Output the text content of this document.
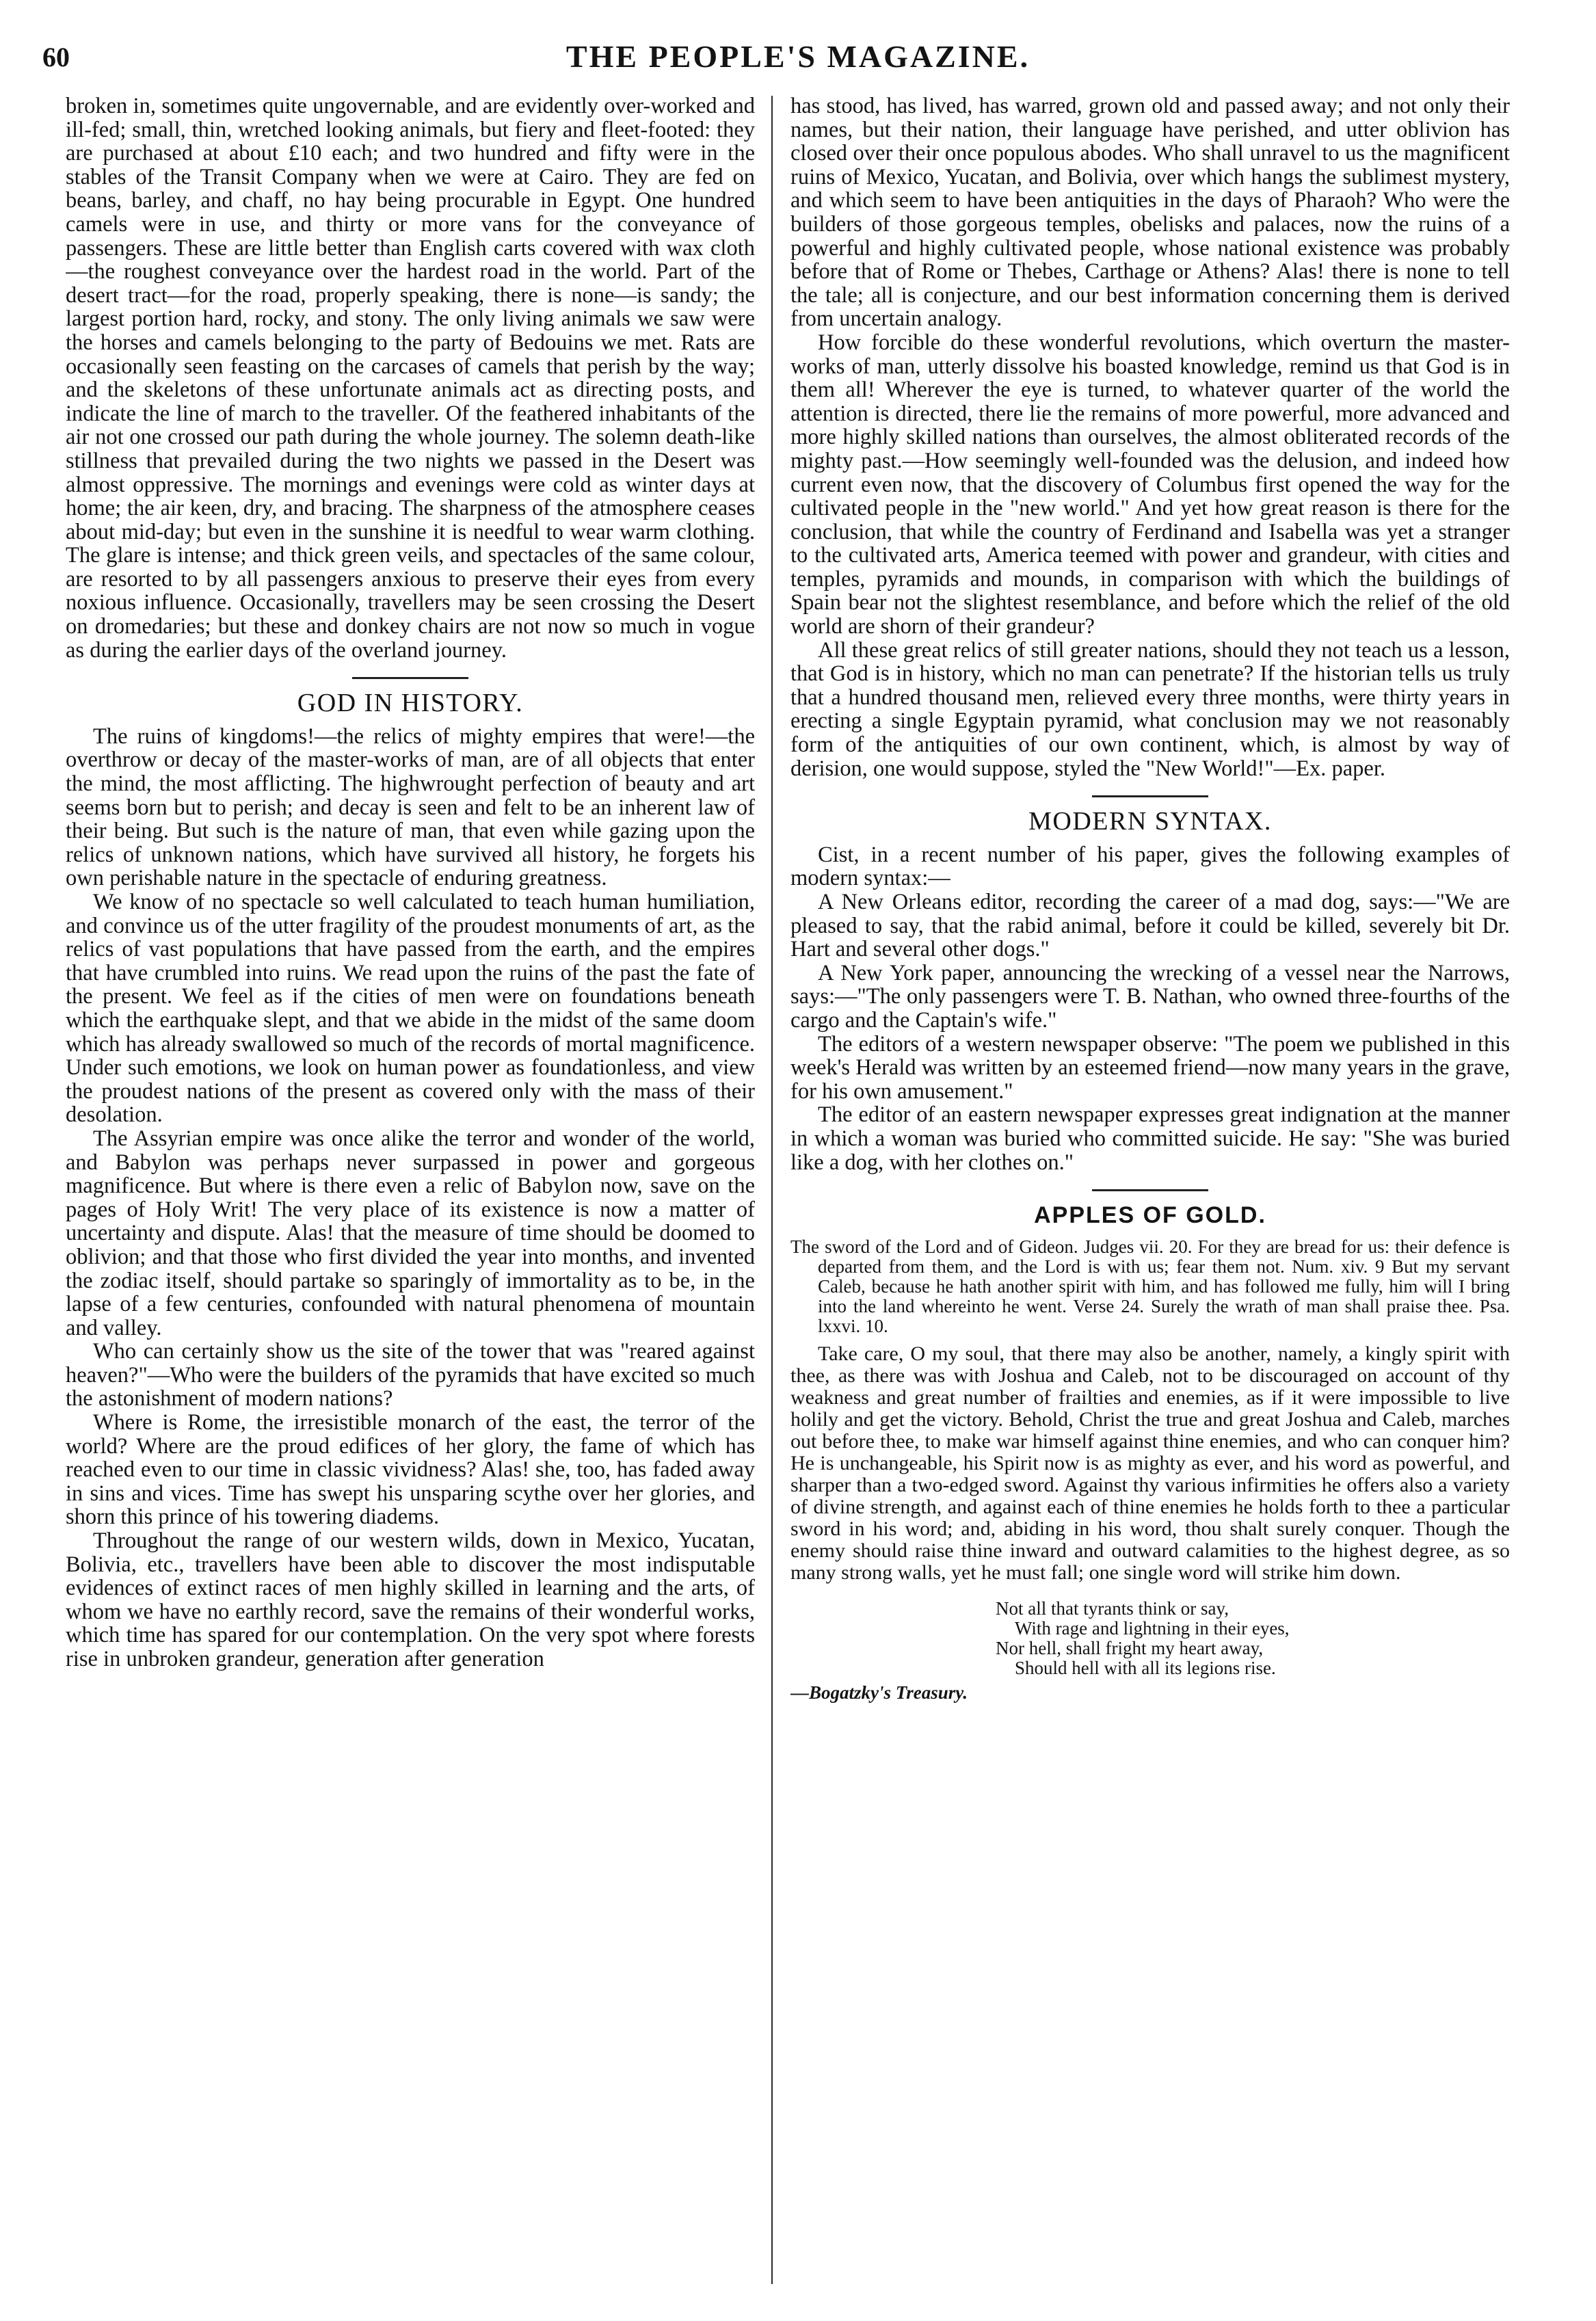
60	THE PEOPLE'S MAGAZINE.

broken in, sometimes quite ungovernable, and are evidently over-worked and ill-fed; small, thin, wretched looking animals, but fiery and fleet-footed: they are purchased at about £10 each; and two hundred and fifty were in the stables of the Transit Company when we were at Cairo. They are fed on beans, barley, and chaff, no hay being procurable in Egypt. One hundred camels were in use, and thirty or more vans for the conveyance of passengers. These are little better than English carts covered with wax cloth—the roughest conveyance over the hardest road in the world. Part of the desert tract—for the road, properly speaking, there is none—is sandy; the largest portion hard, rocky, and stony. The only living animals we saw were the horses and camels belonging to the party of Bedouins we met. Rats are occasionally seen feasting on the carcases of camels that perish by the way; and the skeletons of these unfortunate animals act as directing posts, and indicate the line of march to the traveller. Of the feathered inhabitants of the air not one crossed our path during the whole journey. The solemn death-like stillness that prevailed during the two nights we passed in the Desert was almost oppressive. The mornings and evenings were cold as winter days at home; the air keen, dry, and bracing. The sharpness of the atmosphere ceases about mid-day; but even in the sunshine it is needful to wear warm clothing. The glare is intense; and thick green veils, and spectacles of the same colour, are resorted to by all passengers anxious to preserve their eyes from every noxious influence. Occasionally, travellers may be seen crossing the Desert on dromedaries; but these and donkey chairs are not now so much in vogue as during the earlier days of the overland journey.

GOD IN HISTORY.

The ruins of kingdoms!—the relics of mighty empires that were!—the overthrow or decay of the master-works of man, are of all objects that enter the mind, the most afflicting. The highwrought perfection of beauty and art seems born but to perish; and decay is seen and felt to be an inherent law of their being. But such is the nature of man, that even while gazing upon the relics of unknown nations, which have survived all history, he forgets his own perishable nature in the spectacle of enduring greatness.

We know of no spectacle so well calculated to teach human humiliation, and convince us of the utter fragility of the proudest monuments of art, as the relics of vast populations that have passed from the earth, and the empires that have crumbled into ruins. We read upon the ruins of the past the fate of the present. We feel as if the cities of men were on foundations beneath which the earthquake slept, and that we abide in the midst of the same doom which has already swallowed so much of the records of mortal magnificence. Under such emotions, we look on human power as foundationless, and view the proudest nations of the present as covered only with the mass of their desolation.

The Assyrian empire was once alike the terror and wonder of the world, and Babylon was perhaps never surpassed in power and gorgeous magnificence. But where is there even a relic of Babylon now, save on the pages of Holy Writ! The very place of its existence is now a matter of uncertainty and dispute. Alas! that the measure of time should be doomed to oblivion; and that those who first divided the year into months, and invented the zodiac itself, should partake so sparingly of immortality as to be, in the lapse of a few centuries, confounded with natural phenomena of mountain and valley.

Who can certainly show us the site of the tower that was "reared against heaven?"—Who were the builders of the pyramids that have excited so much the astonishment of modern nations?

Where is Rome, the irresistible monarch of the east, the terror of the world? Where are the proud edifices of her glory, the fame of which has reached even to our time in classic vividness? Alas! she, too, has faded away in sins and vices. Time has swept his unsparing scythe over her glories, and shorn this prince of his towering diadems.

Throughout the range of our western wilds, down in Mexico, Yucatan, Bolivia, etc., travellers have been able to discover the most indisputable evidences of extinct races of men highly skilled in learning and the arts, of whom we have no earthly record, save the remains of their wonderful works, which time has spared for our contemplation. On the very spot where forests rise in unbroken grandeur, generation after generation

has stood, has lived, has warred, grown old and passed away; and not only their names, but their nation, their language have perished, and utter oblivion has closed over their once populous abodes. Who shall unravel to us the magnificent ruins of Mexico, Yucatan, and Bolivia, over which hangs the sublimest mystery, and which seem to have been antiquities in the days of Pharaoh? Who were the builders of those gorgeous temples, obelisks and palaces, now the ruins of a powerful and highly cultivated people, whose national existence was probably before that of Rome or Thebes, Carthage or Athens? Alas! there is none to tell the tale; all is conjecture, and our best information concerning them is derived from uncertain analogy.

How forcible do these wonderful revolutions, which overturn the master-works of man, utterly dissolve his boasted knowledge, remind us that God is in them all! Wherever the eye is turned, to whatever quarter of the world the attention is directed, there lie the remains of more powerful, more advanced and more highly skilled nations than ourselves, the almost obliterated records of the mighty past.—How seemingly well-founded was the delusion, and indeed how current even now, that the discovery of Columbus first opened the way for the cultivated people in the "new world." And yet how great reason is there for the conclusion, that while the country of Ferdinand and Isabella was yet a stranger to the cultivated arts, America teemed with power and grandeur, with cities and temples, pyramids and mounds, in comparison with which the buildings of Spain bear not the slightest resemblance, and before which the relief of the old world are shorn of their grandeur?

All these great relics of still greater nations, should they not teach us a lesson, that God is in history, which no man can penetrate? If the historian tells us truly that a hundred thousand men, relieved every three months, were thirty years in erecting a single Egyptain pyramid, what conclusion may we not reasonably form of the antiquities of our own continent, which, is almost by way of derision, one would suppose, styled the "New World!"—Ex. paper.

MODERN SYNTAX.

Cist, in a recent number of his paper, gives the following examples of modern syntax:—

A New Orleans editor, recording the career of a mad dog, says:—"We are pleased to say, that the rabid animal, before it could be killed, severely bit Dr. Hart and several other dogs."

A New York paper, announcing the wrecking of a vessel near the Narrows, says:—"The only passengers were T. B. Nathan, who owned three-fourths of the cargo and the Captain's wife."

The editors of a western newspaper observe: "The poem we published in this week's Herald was written by an esteemed friend—now many years in the grave, for his own amusement."

The editor of an eastern newspaper expresses great indignation at the manner in which a woman was buried who committed suicide. He say: "She was buried like a dog, with her clothes on."

APPLES OF GOLD.
The sword of the Lord and of Gideon. Judges vii. 20. For they are bread for us: their defence is departed from them, and the Lord is with us; fear them not. Num. xiv. 9 But my servant Caleb, because he hath another spirit with him, and has followed me fully, him will I bring into the land whereinto he went. Verse 24. Surely the wrath of man shall praise thee. Psa. lxxvi. 10.

Take care, O my soul, that there may also be another, namely, a kingly spirit with thee, as there was with Joshua and Caleb, not to be discouraged on account of thy weakness and great number of frailties and enemies, as if it were impossible to live holily and get the victory. Behold, Christ the true and great Joshua and Caleb, marches out before thee, to make war himself against thine enemies, and who can conquer him? He is unchangeable, his Spirit now is as mighty as ever, and his word as powerful, and sharper than a two-edged sword. Against thy various infirmities he offers also a variety of divine strength, and against each of thine enemies he holds forth to thee a particular sword in his word; and, abiding in his word, thou shalt surely conquer. Though the enemy should raise thine inward and outward calamities to the highest degree, as so many strong walls, yet he must fall; one single word will strike him down.

Not all that tyrants think or say,
With rage and lightning in their eyes,
Nor hell, shall fright my heart away,
Should hell with all its legions rise.
—Bogatzky's Treasury.
